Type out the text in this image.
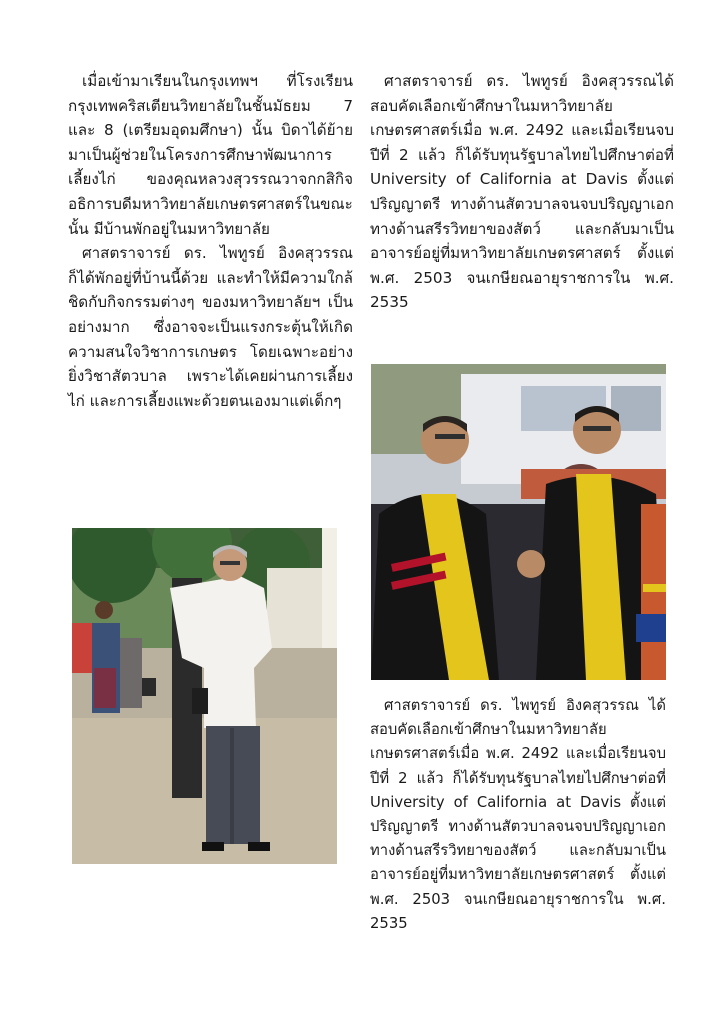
เมื่อเข้ามาเรียนในกรุงเทพฯ ที่โรงเรียนกรุงเทพคริสเตียนวิทยาลัยในชั้นมัธยม 7 และ 8 (เตรียมอุดมศึกษา) นั้น บิดาได้ย้ายมาเป็นผู้ช่วยในโครงการศึกษาพัฒนาการเลี้ยงไก่ ของคุณหลวงสุวรรณวาจกกสิกิจ อธิการบดีมหาวิทยาลัยเกษตรศาสตร์ในขณะนั้น มีบ้านพักอยู่ในมหาวิทยาลัย

ศาสตราจารย์ ดร. ไพทูรย์ อิงคสุวรรณก็ได้พักอยู่ที่บ้านนี้ด้วย และทำให้มีความใกล้ชิดกับกิจกรรมต่างๆ ของมหาวิทยาลัยฯ เป็นอย่างมาก ซึ่งอาจจะเป็นแรงกระตุ้นให้เกิดความสนใจวิชาการเกษตร โดยเฉพาะอย่างยิ่งวิชาสัตวบาล เพราะได้เคยผ่านการเลี้ยงไก่ และการเลี้ยงแพะด้วยตนเองมาแต่เด็กๆ

ศาสตราจารย์ ดร. ไพทูรย์ อิงคสุวรรณได้สอบคัดเลือกเข้าศึกษาในมหาวิทยาลัยเกษตรศาสตร์เมื่อ พ.ศ. 2492 และเมื่อเรียนจบปีที่ 2 แล้ว ก็ได้รับทุนรัฐบาลไทยไปศึกษาต่อที่ University of California at Davis ตั้งแต่ปริญญาตรี ทางด้านสัตวบาลจนจบปริญญาเอกทางด้านสรีรวิทยาของสัตว์ และกลับมาเป็นอาจารย์อยู่ที่มหาวิทยาลัยเกษตรศาสตร์ ตั้งแต่ พ.ศ. 2503 จนเกษียณอายุราชการใน พ.ศ. 2535

ศาสตราจารย์ ดร. ไพทูรย์ อิงคสุวรรณ ได้สอบคัดเลือกเข้าศึกษาในมหาวิทยาลัยเกษตรศาสตร์เมื่อ พ.ศ. 2492 และเมื่อเรียนจบปีที่ 2 แล้ว ก็ได้รับทุนรัฐบาลไทยไปศึกษาต่อที่ University of California at Davis ตั้งแต่ปริญญาตรี ทางด้านสัตวบาลจนจบปริญญาเอกทางด้านสรีรวิทยาของสัตว์ และกลับมาเป็นอาจารย์อยู่ที่มหาวิทยาลัยเกษตรศาสตร์ ตั้งแต่ พ.ศ. 2503 จนเกษียณอายุราชการใน พ.ศ. 2535
